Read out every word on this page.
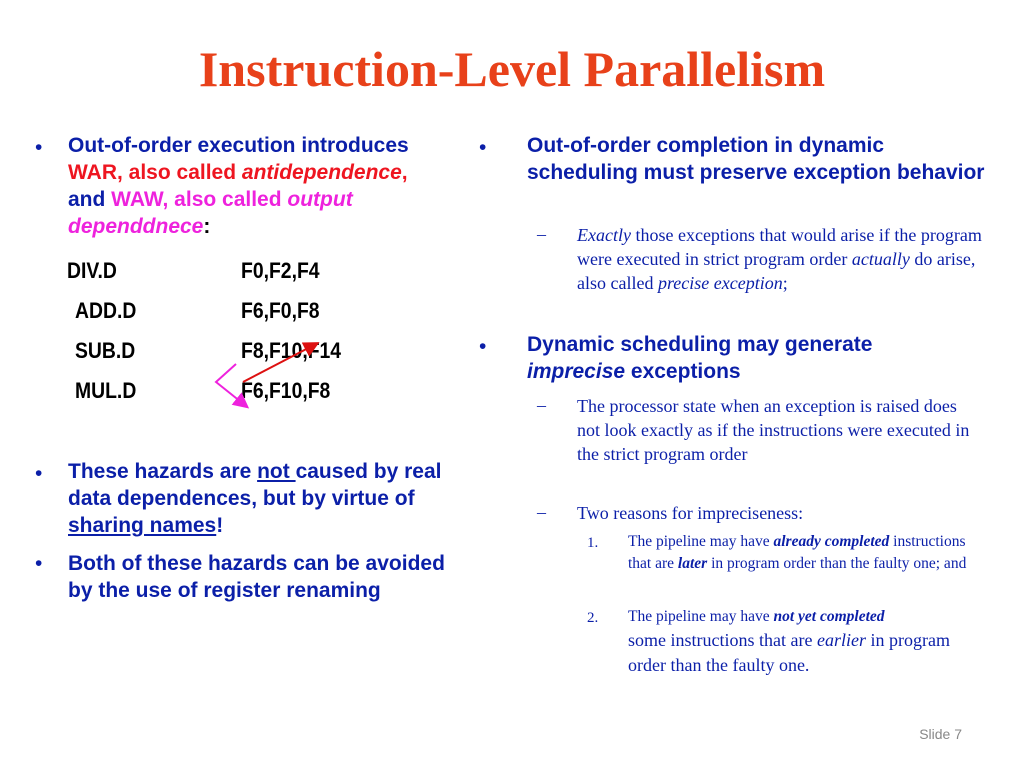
Instruction-Level Parallelism
• Out-of-order execution introduces
WAR, also called antidependence,
and WAW, also called output
dependdnece:
DIV.D	F0,F2,F4
ADD.D	F6,F0,F8
SUB.D	F8,F10,F14
MUL.D	F6,F10,F8
• These hazards are not caused by real data dependences, but by virtue of sharing names!
• Both of these hazards can be avoided by the use of register renaming
• Out-of-order completion in dynamic scheduling must preserve exception behavior
– Exactly those exceptions that would arise if the program were executed in strict program order actually do arise, also called precise exception;
• Dynamic scheduling may generate imprecise exceptions
– The processor state when an exception is raised does not look exactly as if the instructions were executed in the strict program order
– Two reasons for impreciseness:
1. The pipeline may have already completed instructions that are later in program order than the faulty one; and
2. The pipeline may have not yet completed
some instructions that are earlier in program order than the faulty one.
Slide 7
